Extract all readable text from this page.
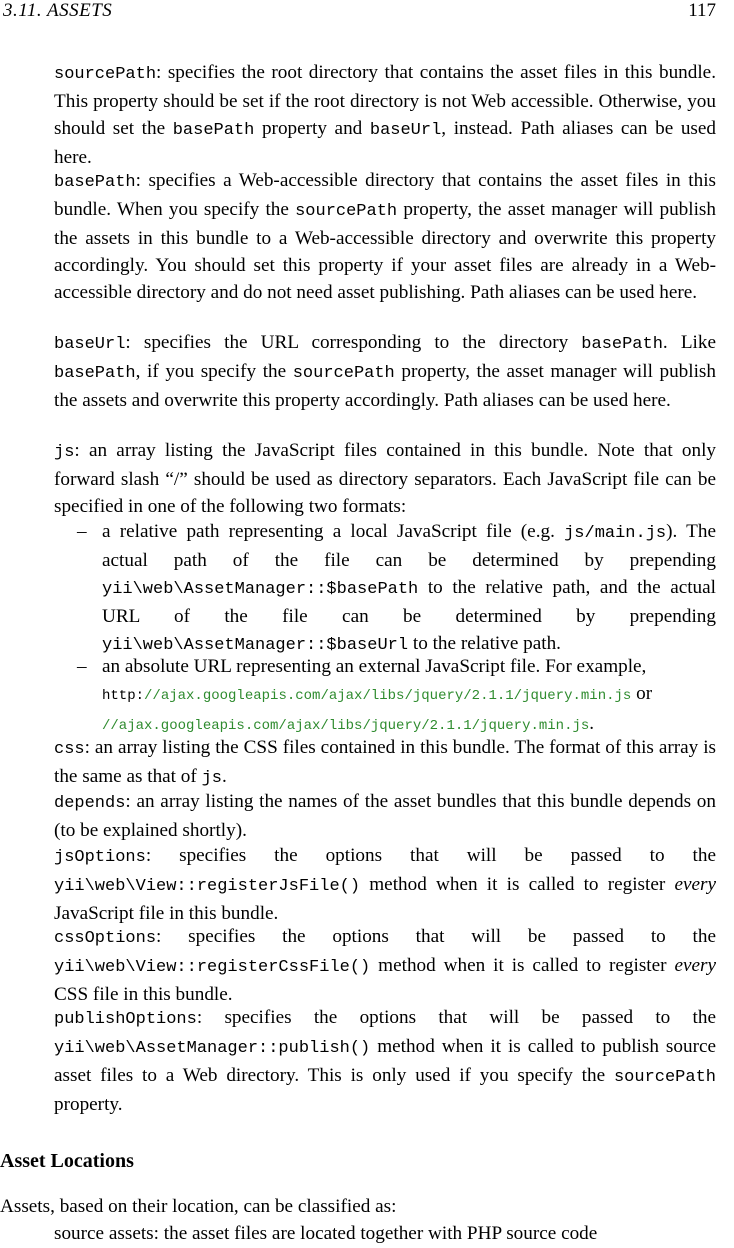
3.11. ASSETS	117
sourcePath: specifies the root directory that contains the asset files in this bundle. This property should be set if the root directory is not Web accessible. Otherwise, you should set the basePath property and baseUrl, instead. Path aliases can be used here.
basePath: specifies a Web-accessible directory that contains the asset files in this bundle. When you specify the sourcePath property, the asset manager will publish the assets in this bundle to a Web-accessible directory and overwrite this property accordingly. You should set this property if your asset files are already in a Web-accessible directory and do not need asset publishing. Path aliases can be used here.
baseUrl: specifies the URL corresponding to the directory basePath. Like basePath, if you specify the sourcePath property, the asset manager will publish the assets and overwrite this property accordingly. Path aliases can be used here.
js: an array listing the JavaScript files contained in this bundle. Note that only forward slash “/” should be used as directory separators. Each JavaScript file can be specified in one of the following two formats:
– a relative path representing a local JavaScript file (e.g. js/main.js). The actual path of the file can be determined by prepending yii\web\AssetManager::$basePath to the relative path, and the actual URL of the file can be determined by prepending yii\web\AssetManager::$baseUrl to the relative path.
– an absolute URL representing an external JavaScript file. For example, http://ajax.googleapis.com/ajax/libs/jquery/2.1.1/jquery.min.js or //ajax.googleapis.com/ajax/libs/jquery/2.1.1/jquery.min.js.
css: an array listing the CSS files contained in this bundle. The format of this array is the same as that of js.
depends: an array listing the names of the asset bundles that this bundle depends on (to be explained shortly).
jsOptions: specifies the options that will be passed to the yii\web\View::registerJsFile() method when it is called to register every JavaScript file in this bundle.
cssOptions: specifies the options that will be passed to the yii\web\View::registerCssFile() method when it is called to register every CSS file in this bundle.
publishOptions: specifies the options that will be passed to the yii\web\AssetManager::publish() method when it is called to publish source asset files to a Web directory. This is only used if you specify the sourcePath property.
Asset Locations
Assets, based on their location, can be classified as:
source assets: the asset files are located together with PHP source code
